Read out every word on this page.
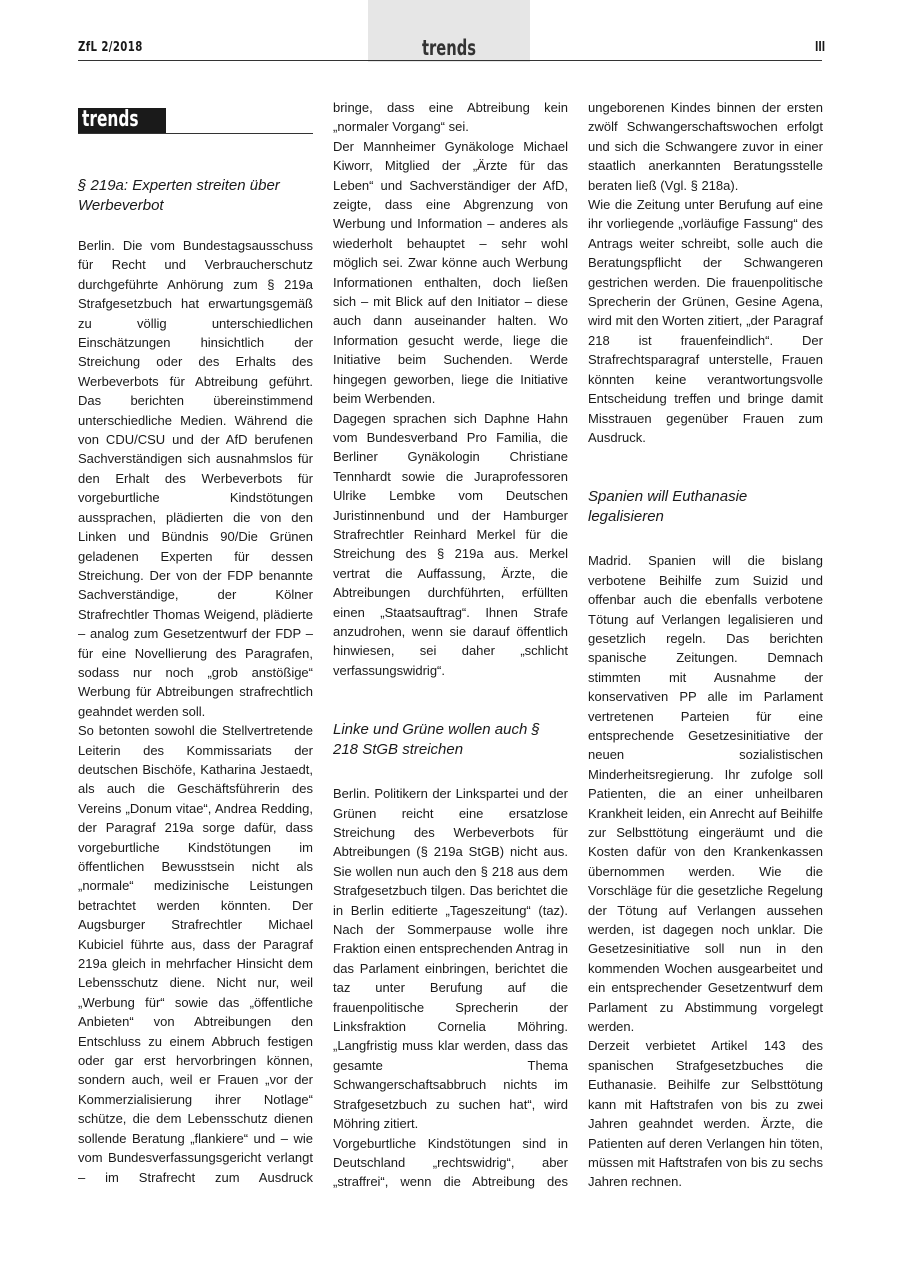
ZfL 2/2018	trends	III
trends
§ 219a: Experten streiten über Werbeverbot

Berlin. Die vom Bundestagsausschuss für Recht und Verbraucherschutz durchgeführte Anhörung zum § 219a Strafgesetzbuch hat erwartungsgemäß zu völlig unterschiedlichen Einschätzungen hinsichtlich der Streichung oder des Erhalts des Werbeverbots für Abtreibung geführt. Das berichten übereinstimmend unterschiedliche Medien. Während die von CDU/CSU und der AfD berufenen Sachverständigen sich ausnahmslos für den Erhalt des Werbeverbots für vorgeburtliche Kindstötungen aussprachen, plädierten die von den Linken und Bündnis 90/Die Grünen geladenen Experten für dessen Streichung. Der von der FDP benannte Sachverständige, der Kölner Strafrechtler Thomas Weigend, plädierte – analog zum Gesetzentwurf der FDP – für eine Novellierung des Paragrafen, sodass nur noch „grob anstößige“ Werbung für Abtreibungen strafrechtlich geahndet werden soll.

So betonten sowohl die Stellvertretende Leiterin des Kommissariats der deutschen Bischöfe, Katharina Jestaedt, als auch die Geschäftsführerin des Vereins „Donum vitae“, Andrea Redding, der Paragraf 219a sorge dafür, dass vorgeburtliche Kindstötungen im öffentlichen Bewusstsein nicht als „normale“ medizinische Leistungen betrachtet werden könnten. Der Augsburger Strafrechtler Michael Kubiciel führte aus, dass der Paragraf 219a gleich in mehrfacher Hinsicht dem Lebensschutz diene. Nicht nur, weil „Werbung für“ sowie das „öffentliche Anbieten“ von Abtreibungen den Entschluss zu einem Abbruch festigen oder gar erst hervorbringen können, sondern auch, weil er Frauen „vor der Kommerzialisierung ihrer Notlage“ schütze, die dem Lebensschutz dienen sollende Beratung „flankiere“ und – wie vom Bundesverfassungsgericht verlangt – im Strafrecht zum Ausdruck

bringe, dass eine Abtreibung kein „normaler Vorgang“ sei.

Der Mannheimer Gynäkologe Michael Kiworr, Mitglied der „Ärzte für das Leben“ und Sachverständiger der AfD, zeigte, dass eine Abgrenzung von Werbung und Information – anderes als wiederholt behauptet – sehr wohl möglich sei. Zwar könne auch Werbung Informationen enthalten, doch ließen sich – mit Blick auf den Initiator – diese auch dann auseinander halten. Wo Information gesucht werde, liege die Initiative beim Suchenden. Werde hingegen geworben, liege die Initiative beim Werbenden.

Dagegen sprachen sich Daphne Hahn vom Bundesverband Pro Familia, die Berliner Gynäkologin Christiane Tennhardt sowie die Juraprofessoren Ulrike Lembke vom Deutschen Juristinnenbund und der Hamburger Strafrechtler Reinhard Merkel für die Streichung des § 219a aus. Merkel vertrat die Auffassung, Ärzte, die Abtreibungen durchführten, erfüllten einen „Staatsauftrag“. Ihnen Strafe anzudrohen, wenn sie darauf öffentlich hinwiesen, sei daher „schlicht verfassungswidrig“.

Linke und Grüne wollen auch § 218 StGB streichen

Berlin. Politikern der Linkspartei und der Grünen reicht eine ersatzlose Streichung des Werbeverbots für Abtreibungen (§ 219a StGB) nicht aus. Sie wollen nun auch den § 218 aus dem Strafgesetzbuch tilgen. Das berichtet die in Berlin editierte „Tageszeitung“ (taz). Nach der Sommerpause wolle ihre Fraktion einen entsprechenden Antrag in das Parlament einbringen, berichtet die taz unter Berufung auf die frauenpolitische Sprecherin der Linksfraktion Cornelia Möhring. „Langfristig muss klar werden, dass das gesamte Thema Schwangerschaftsabbruch nichts im Strafgesetzbuch zu suchen hat“, wird Möhring zitiert.

Vorgeburtliche Kindstötungen sind in Deutschland „rechtswidrig“, aber „straffrei“, wenn die Abtreibung des

ungeborenen Kindes binnen der ersten zwölf Schwangerschaftswochen erfolgt und sich die Schwangere zuvor in einer staatlich anerkannten Beratungsstelle beraten ließ (Vgl. § 218a).

Wie die Zeitung unter Berufung auf eine ihr vorliegende „vorläufige Fassung“ des Antrags weiter schreibt, solle auch die Beratungspflicht der Schwangeren gestrichen werden. Die frauenpolitische Sprecherin der Grünen, Gesine Agena, wird mit den Worten zitiert, „der Paragraf 218 ist frauenfeindlich“. Der Strafrechtsparagraf unterstelle, Frauen könnten keine verantwortungsvolle Entscheidung treffen und bringe damit Misstrauen gegenüber Frauen zum Ausdruck.

Spanien will Euthanasie legalisieren

Madrid. Spanien will die bislang verbotene Beihilfe zum Suizid und offenbar auch die ebenfalls verbotene Tötung auf Verlangen legalisieren und gesetzlich regeln. Das berichten spanische Zeitungen. Demnach stimmten mit Ausnahme der konservativen PP alle im Parlament vertretenen Parteien für eine entsprechende Gesetzesinitiative der neuen sozialistischen Minderheitsregierung. Ihr zufolge soll Patienten, die an einer unheilbaren Krankheit leiden, ein Anrecht auf Beihilfe zur Selbsttötung eingeräumt und die Kosten dafür von den Krankenkassen übernommen werden. Wie die Vorschläge für die gesetzliche Regelung der Tötung auf Verlangen aussehen werden, ist dagegen noch unklar. Die Gesetzesinitiative soll nun in den kommenden Wochen ausgearbeitet und ein entsprechender Gesetzentwurf dem Parlament zu Abstimmung vorgelegt werden.

Derzeit verbietet Artikel 143 des spanischen Strafgesetzbuches die Euthanasie. Beihilfe zur Selbsttötung kann mit Haftstrafen von bis zu zwei Jahren geahndet werden. Ärzte, die Patienten auf deren Verlangen hin töten, müssen mit Haftstrafen von bis zu sechs Jahren rechnen.
